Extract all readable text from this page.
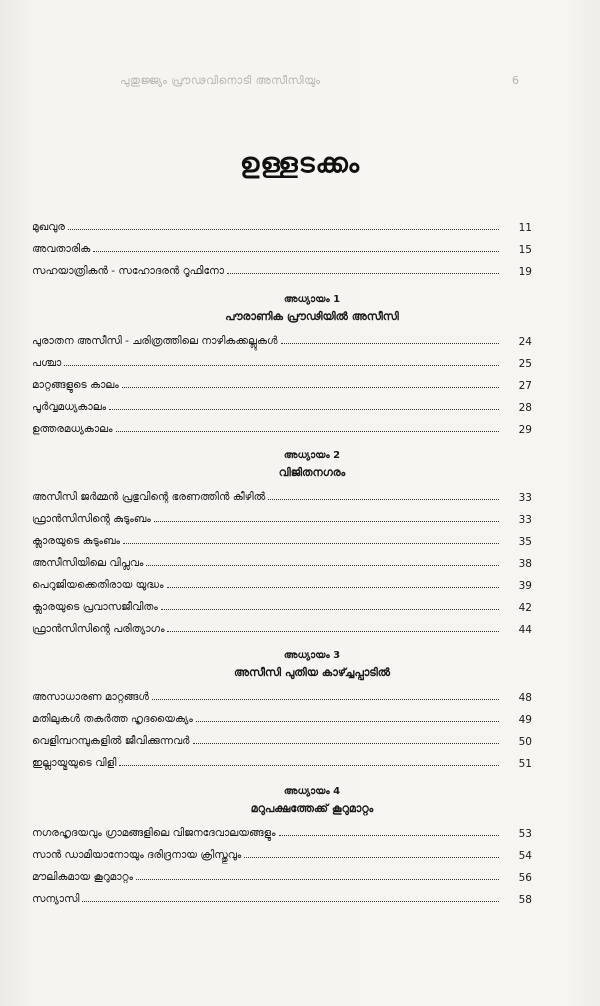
പുതുജ്ജ്യം പ്രൗഢവിനൊടി അസീസിയും	6
ഉള്ളടക്കം
മുഖവുര	11
അവതാരിക	15
സഹയാത്രികൻ - സഹോദരൻ റൂഫിനോ	19
അധ്യായം 1
പൗരാണിക പ്രൗഢിയിൽ അസീസി
പുരാതന അസീസി - ചരിത്രത്തിലെ നാഴികക്കല്ലുകൾ	24
പശ്ചാ	25
മാറ്റങ്ങളുടെ കാലം	27
പൂർവ്വമധ്യകാലം	28
ഉത്തരമധ്യകാലം	29
അധ്യായം 2
വിജിതനഗരം
അസീസി ജർമ്മൻ പ്രഭുവിന്റെ ഭരണത്തിൻ കീഴിൽ	33
ഫ്രാൻസിസിന്റെ കുടുംബം	33
ക്ലാരയുടെ കുടുംബം	35
അസീസിയിലെ വിപ്ലവം	38
പെറുജിയക്കെതിരായ യുദ്ധം	39
ക്ലാരയുടെ പ്രവാസജീവിതം	42
ഫ്രാൻസിസിന്റെ പരിത്യാഗം	44
അധ്യായം 3
അസീസി പുതിയ കാഴ്ച്ചപ്പാടിൽ
അസാധാരണ മാറ്റങ്ങൾ	48
മതിലുകൾ തകർത്ത ഹൃദയൈക്യം	49
വെളിമ്പറമ്പുകളിൽ ജീവിക്കുന്നവർ	50
ഇല്ലായ്മയുടെ വിളി	51
അധ്യായം 4
മറുപക്ഷത്തേക്ക് കൂറുമാറ്റം
നഗരഹൃദയവും ഗ്രാമങ്ങളിലെ വിജനദേവാലയങ്ങളും	53
സാൻ ഡാമിയാനോയും ദരിദ്രനായ ക്രിസ്തുവും	54
മൗലികമായ കൂറുമാറ്റം	56
സന്യാസി	58
